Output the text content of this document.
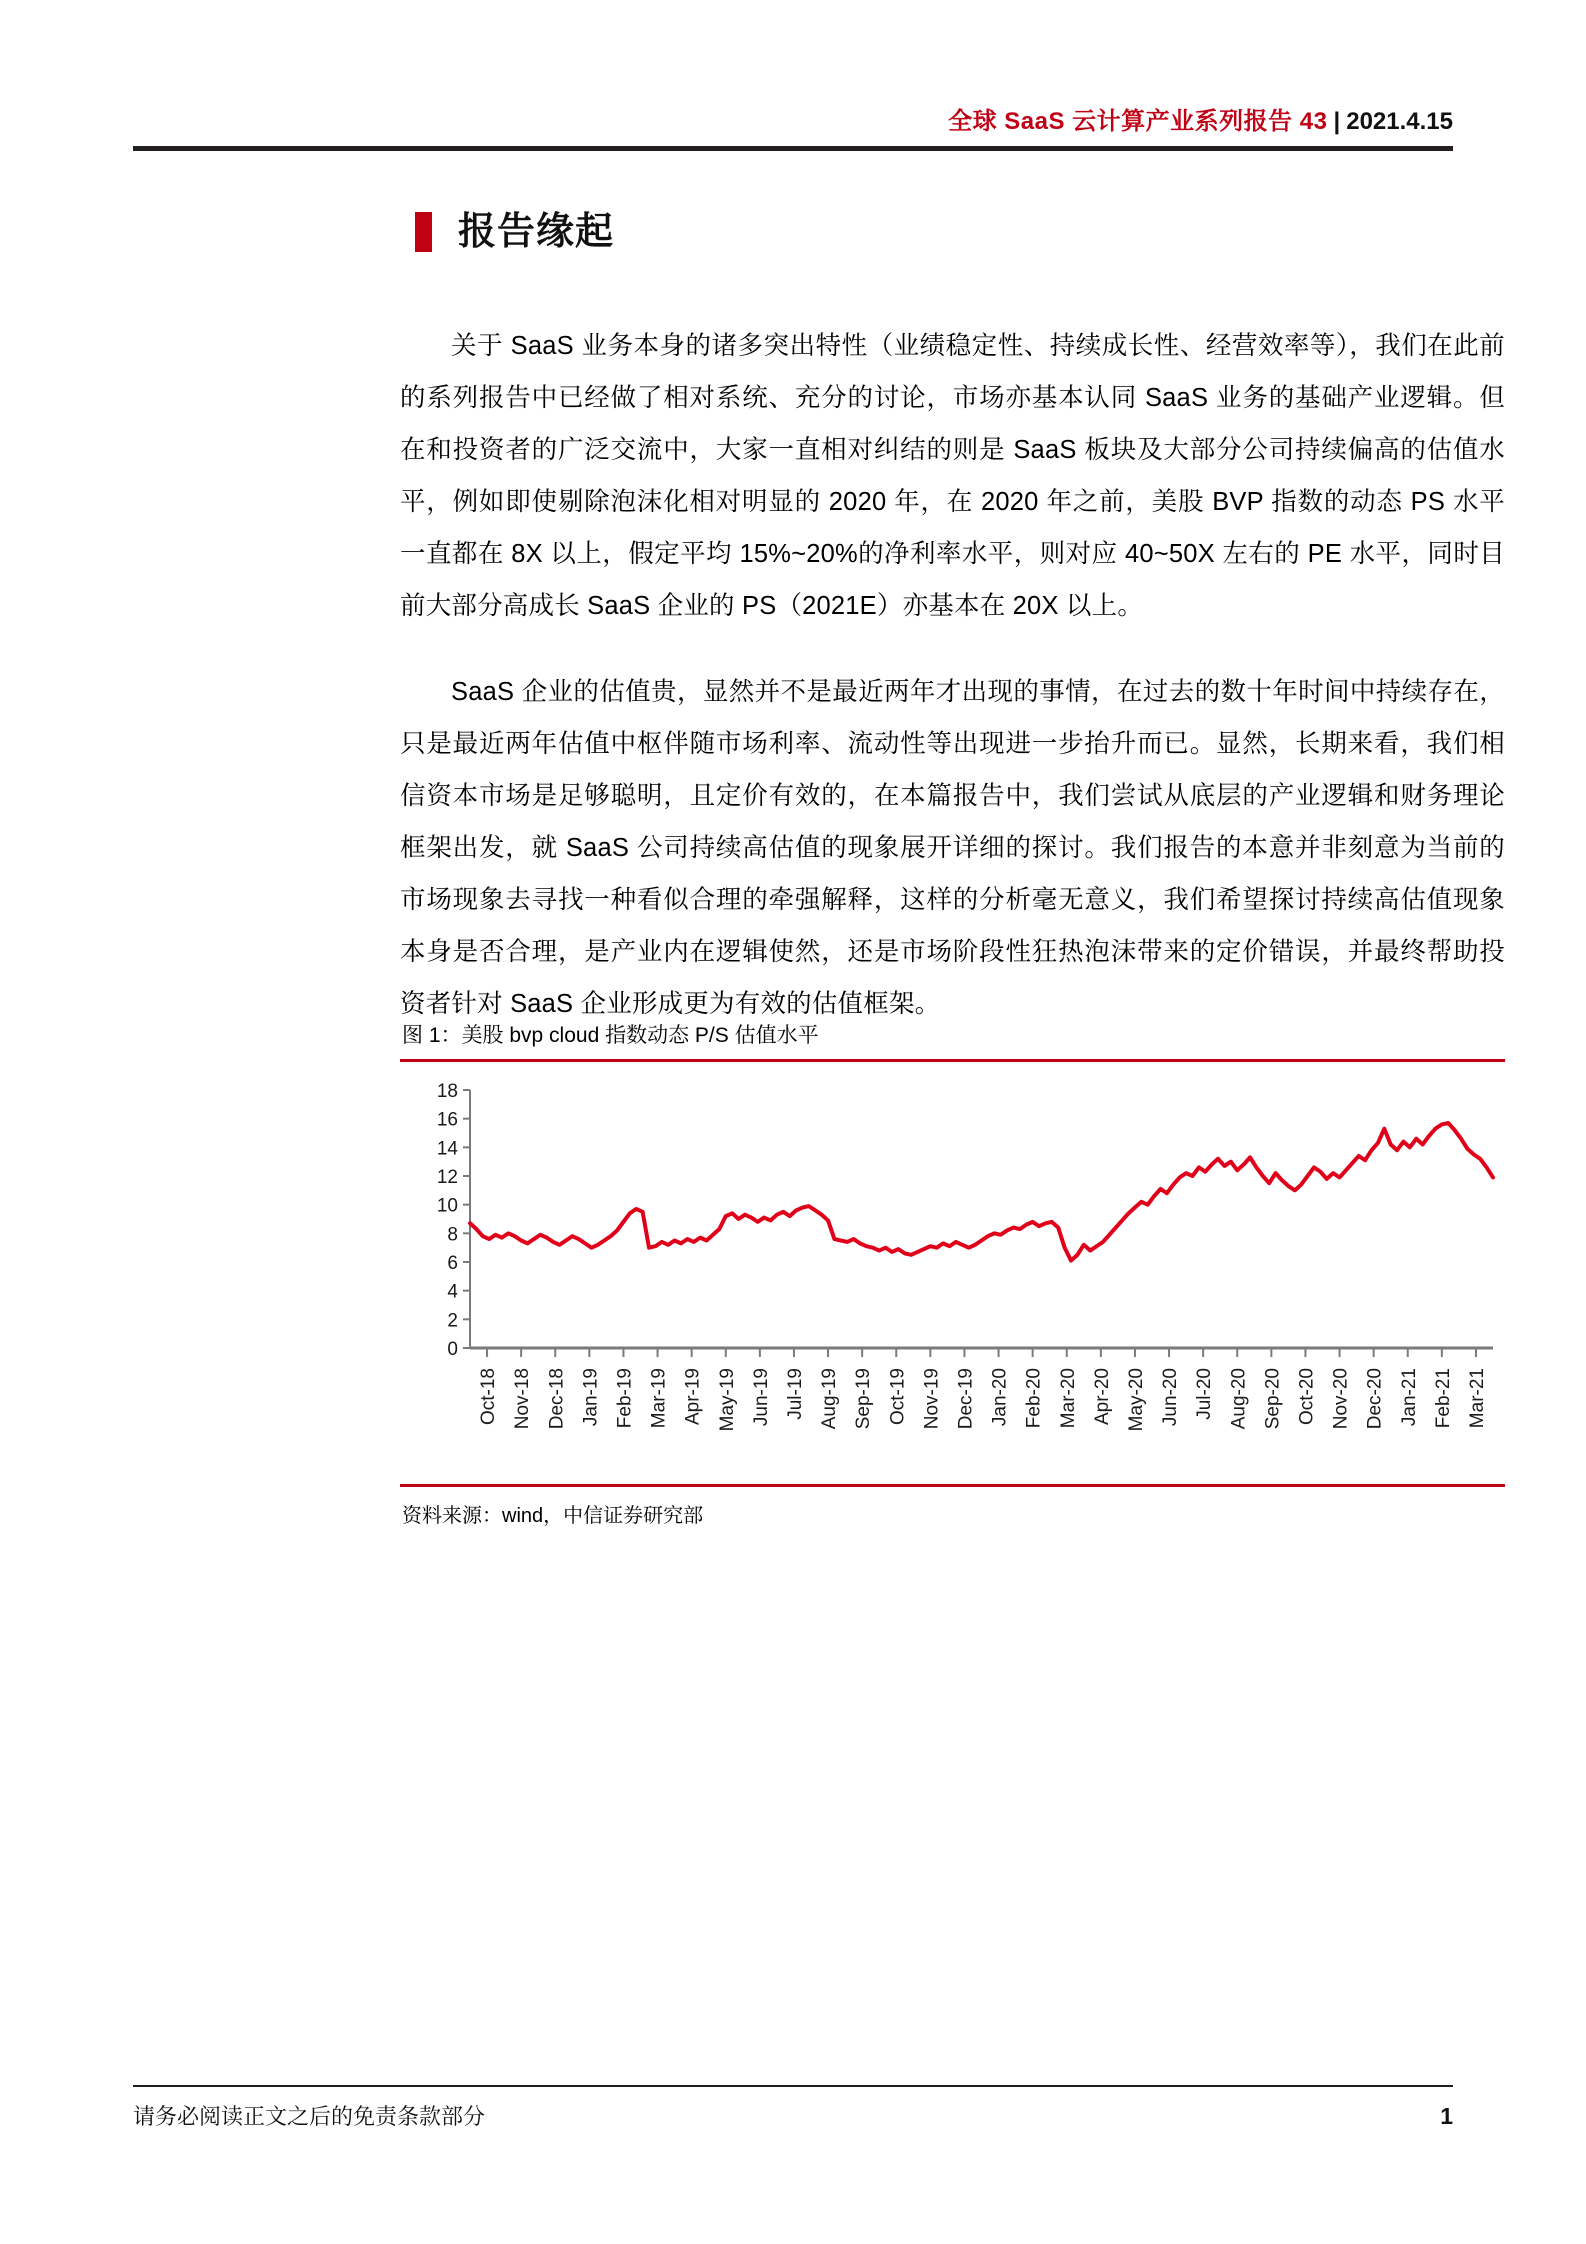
全球 SaaS 云计算产业系列报告 43 | 2021.4.15
报告缘起

关于 SaaS 业务本身的诸多突出特性（业绩稳定性、持续成长性、经营效率等），我们在此前的系列报告中已经做了相对系统、充分的讨论，市场亦基本认同 SaaS 业务的基础产业逻辑。但在和投资者的广泛交流中，大家一直相对纠结的则是 SaaS 板块及大部分公司持续偏高的估值水平，例如即使剔除泡沫化相对明显的 2020 年，在 2020 年之前，美股 BVP 指数的动态 PS 水平一直都在 8X 以上，假定平均 15%~20%的净利率水平，则对应 40~50X 左右的 PE 水平，同时目前大部分高成长 SaaS 企业的 PS（2021E）亦基本在 20X 以上。

SaaS 企业的估值贵，显然并不是最近两年才出现的事情，在过去的数十年时间中持续存在，只是最近两年估值中枢伴随市场利率、流动性等出现进一步抬升而已。显然，长期来看，我们相信资本市场是足够聪明，且定价有效的，在本篇报告中，我们尝试从底层的产业逻辑和财务理论框架出发，就 SaaS 公司持续高估值的现象展开详细的探讨。我们报告的本意并非刻意为当前的市场现象去寻找一种看似合理的牵强解释，这样的分析毫无意义，我们希望探讨持续高估值现象本身是否合理，是产业内在逻辑使然，还是市场阶段性狂热泡沫带来的定价错误，并最终帮助投资者针对 SaaS 企业形成更为有效的估值框架。

图 1：美股 bvp cloud 指数动态 P/S 估值水平
0
2
4
6
8
10
12
14
16
18
Oct-18 Nov-18 Dec-18 Jan-19 Feb-19 Mar-19 Apr-19 May-19 Jun-19 Jul-19 Aug-19 Sep-19 Oct-19 Nov-19 Dec-19 Jan-20 Feb-20 Mar-20 Apr-20 May-20 Jun-20 Jul-20 Aug-20 Sep-20 Oct-20 Nov-20 Dec-20 Jan-21 Feb-21 Mar-21
资料来源：wind，中信证券研究部
请务必阅读正文之后的免责条款部分	1
